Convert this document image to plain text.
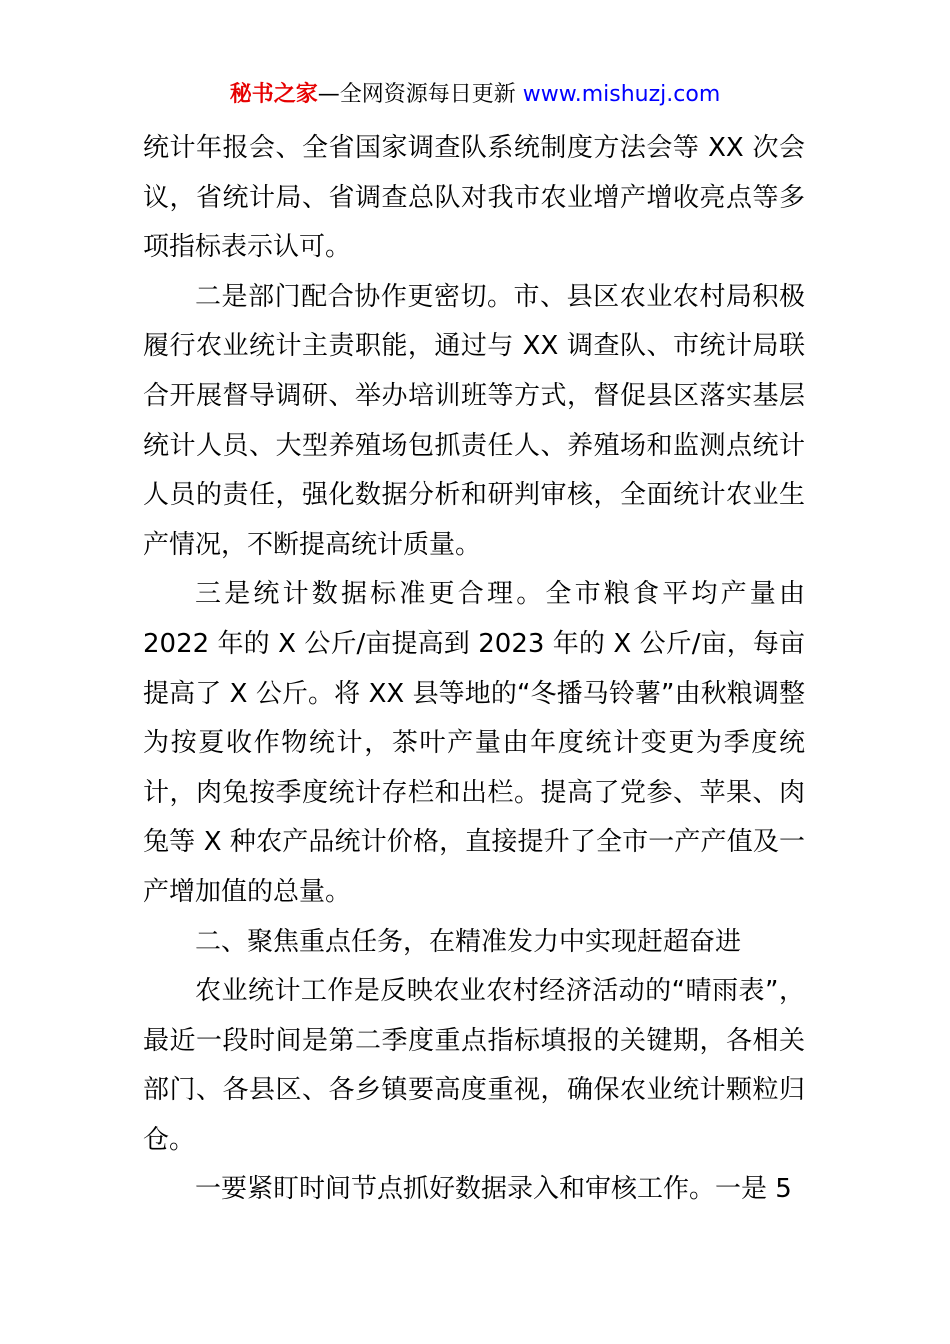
秘书之家—全网资源每日更新 www.mishuzj.com

统计年报会、全省国家调查队系统制度方法会等 XX 次会议，省统计局、省调查总队对我市农业增产增收亮点等多项指标表示认可。

二是部门配合协作更密切。市、县区农业农村局积极履行农业统计主责职能，通过与 XX 调查队、市统计局联合开展督导调研、举办培训班等方式，督促县区落实基层统计人员、大型养殖场包抓责任人、养殖场和监测点统计人员的责任，强化数据分析和研判审核，全面统计农业生产情况，不断提高统计质量。

三是统计数据标准更合理。全市粮食平均产量由 2022 年的 X 公斤/亩提高到 2023 年的 X 公斤/亩，每亩提高了 X 公斤。将 XX 县等地的“冬播马铃薯”由秋粮调整为按夏收作物统计，茶叶产量由年度统计变更为季度统计，肉兔按季度统计存栏和出栏。提高了党参、苹果、肉兔等 X 种农产品统计价格，直接提升了全市一产产值及一产增加值的总量。

二、聚焦重点任务，在精准发力中实现赶超奋进

农业统计工作是反映农业农村经济活动的“晴雨表”，最近一段时间是第二季度重点指标填报的关键期，各相关部门、各县区、各乡镇要高度重视，确保农业统计颗粒归仓。

一要紧盯时间节点抓好数据录入和审核工作。一是 5
